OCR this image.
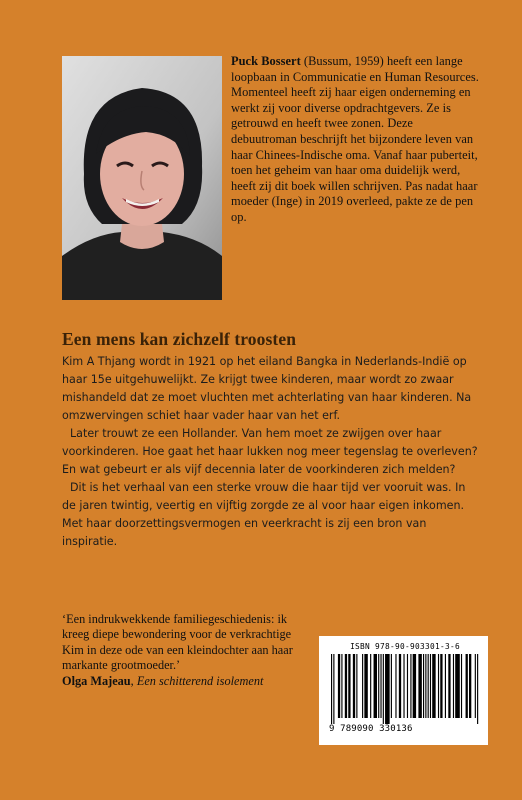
Puck Bossert (Bussum, 1959) heeft een lange loopbaan in Communicatie en Human Resources. Momenteel heeft zij haar eigen onderneming en werkt zij voor diverse opdrachtgevers. Ze is getrouwd en heeft twee zonen. Deze debuutroman beschrijft het bijzondere leven van haar Chinees-Indische oma. Vanaf haar puberteit, toen het geheim van haar oma duidelijk werd, heeft zij dit boek willen schrijven. Pas nadat haar moeder (Inge) in 2019 overleed, pakte ze de pen op.
Een mens kan zichzelf troosten

Kim A Thjang wordt in 1921 op het eiland Bangka in Nederlands-Indië op haar 15e uitgehuwelijkt. Ze krijgt twee kinderen, maar wordt zo zwaar mishandeld dat ze moet vluchten met achterlating van haar kinderen. Na omzwervingen schiet haar vader haar van het erf.

Later trouwt ze een Hollander. Van hem moet ze zwijgen over haar voorkinderen. Hoe gaat het haar lukken nog meer tegenslag te overleven? En wat gebeurt er als vijf decennia later de voorkinderen zich melden?

Dit is het verhaal van een sterke vrouw die haar tijd ver vooruit was. In de jaren twintig, veertig en vijftig zorgde ze al voor haar eigen inkomen. Met haar doorzettingsvermogen en veerkracht is zij een bron van inspiratie.

‘Een indrukwekkende familiegeschiedenis: ik kreeg diepe bewondering voor de verkrachtige Kim in deze ode van een kleindochter aan haar markante grootmoeder.’
Olga Majeau, Een schitterend isolement
ISBN 978-90-903301-3-6
9 789090 330136
